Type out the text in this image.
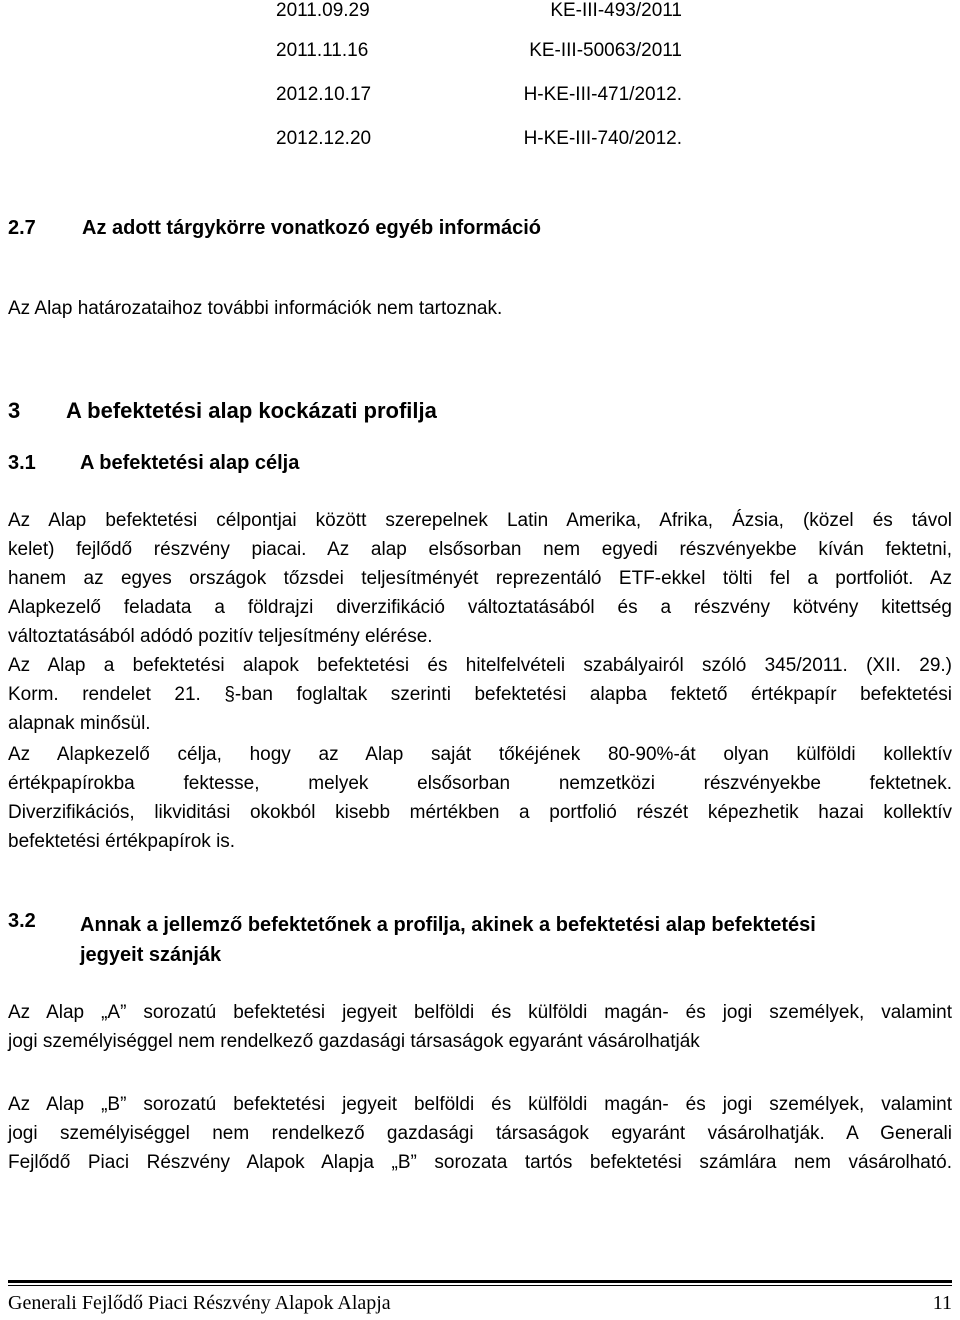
2011.09.29	KE-III-493/2011
2011.11.16	KE-III-50063/2011
2012.10.17	H-KE-III-471/2012.
2012.12.20	H-KE-III-740/2012.
2.7 Az adott tárgykörre vonatkozó egyéb információ
Az Alap határozataihoz további információk nem tartoznak.
3 A befektetési alap kockázati profilja
3.1 A befektetési alap célja
Az Alap befektetési célpontjai között szerepelnek Latin Amerika, Afrika, Ázsia, (közel és távol
kelet) fejlődő részvény piacai. Az alap elsősorban nem egyedi részvényekbe kíván fektetni,
hanem az egyes országok tőzsdei teljesítményét reprezentáló ETF-ekkel tölti fel a portfoliót. Az
Alapkezelő feladata a földrajzi diverzifikáció változtatásából és a részvény kötvény kitettség
változtatásából adódó pozitív teljesítmény elérése.
Az Alap a befektetési alapok befektetési és hitelfelvételi szabályairól szóló 345/2011. (XII. 29.)
Korm. rendelet 21. §-ban foglaltak szerinti befektetési alapba fektető értékpapír befektetési
alapnak minősül.
Az Alapkezelő célja, hogy az Alap saját tőkéjének 80-90%-át olyan külföldi kollektív
értékpapírokba fektesse, melyek elsősorban nemzetközi részvényekbe fektetnek.
Diverzifikációs, likviditási okokból kisebb mértékben a portfolió részét képezhetik hazai kollektív
befektetési értékpapírok is.
3.2 Annak a jellemző befektetőnek a profilja, akinek a befektetési alap befektetési
jegyeit szánják
Az Alap „A” sorozatú befektetési jegyeit belföldi és külföldi magán- és jogi személyek, valamint
jogi személyiséggel nem rendelkező gazdasági társaságok egyaránt vásárolhatják
Az Alap „B” sorozatú befektetési jegyeit belföldi és külföldi magán- és jogi személyek, valamint
jogi személyiséggel nem rendelkező gazdasági társaságok egyaránt vásárolhatják. A Generali
Fejlődő Piaci Részvény Alapok Alapja „B” sorozata tartós befektetési számlára nem vásárolható.
Generali Fejlődő Piaci Részvény Alapok Alapja	11
